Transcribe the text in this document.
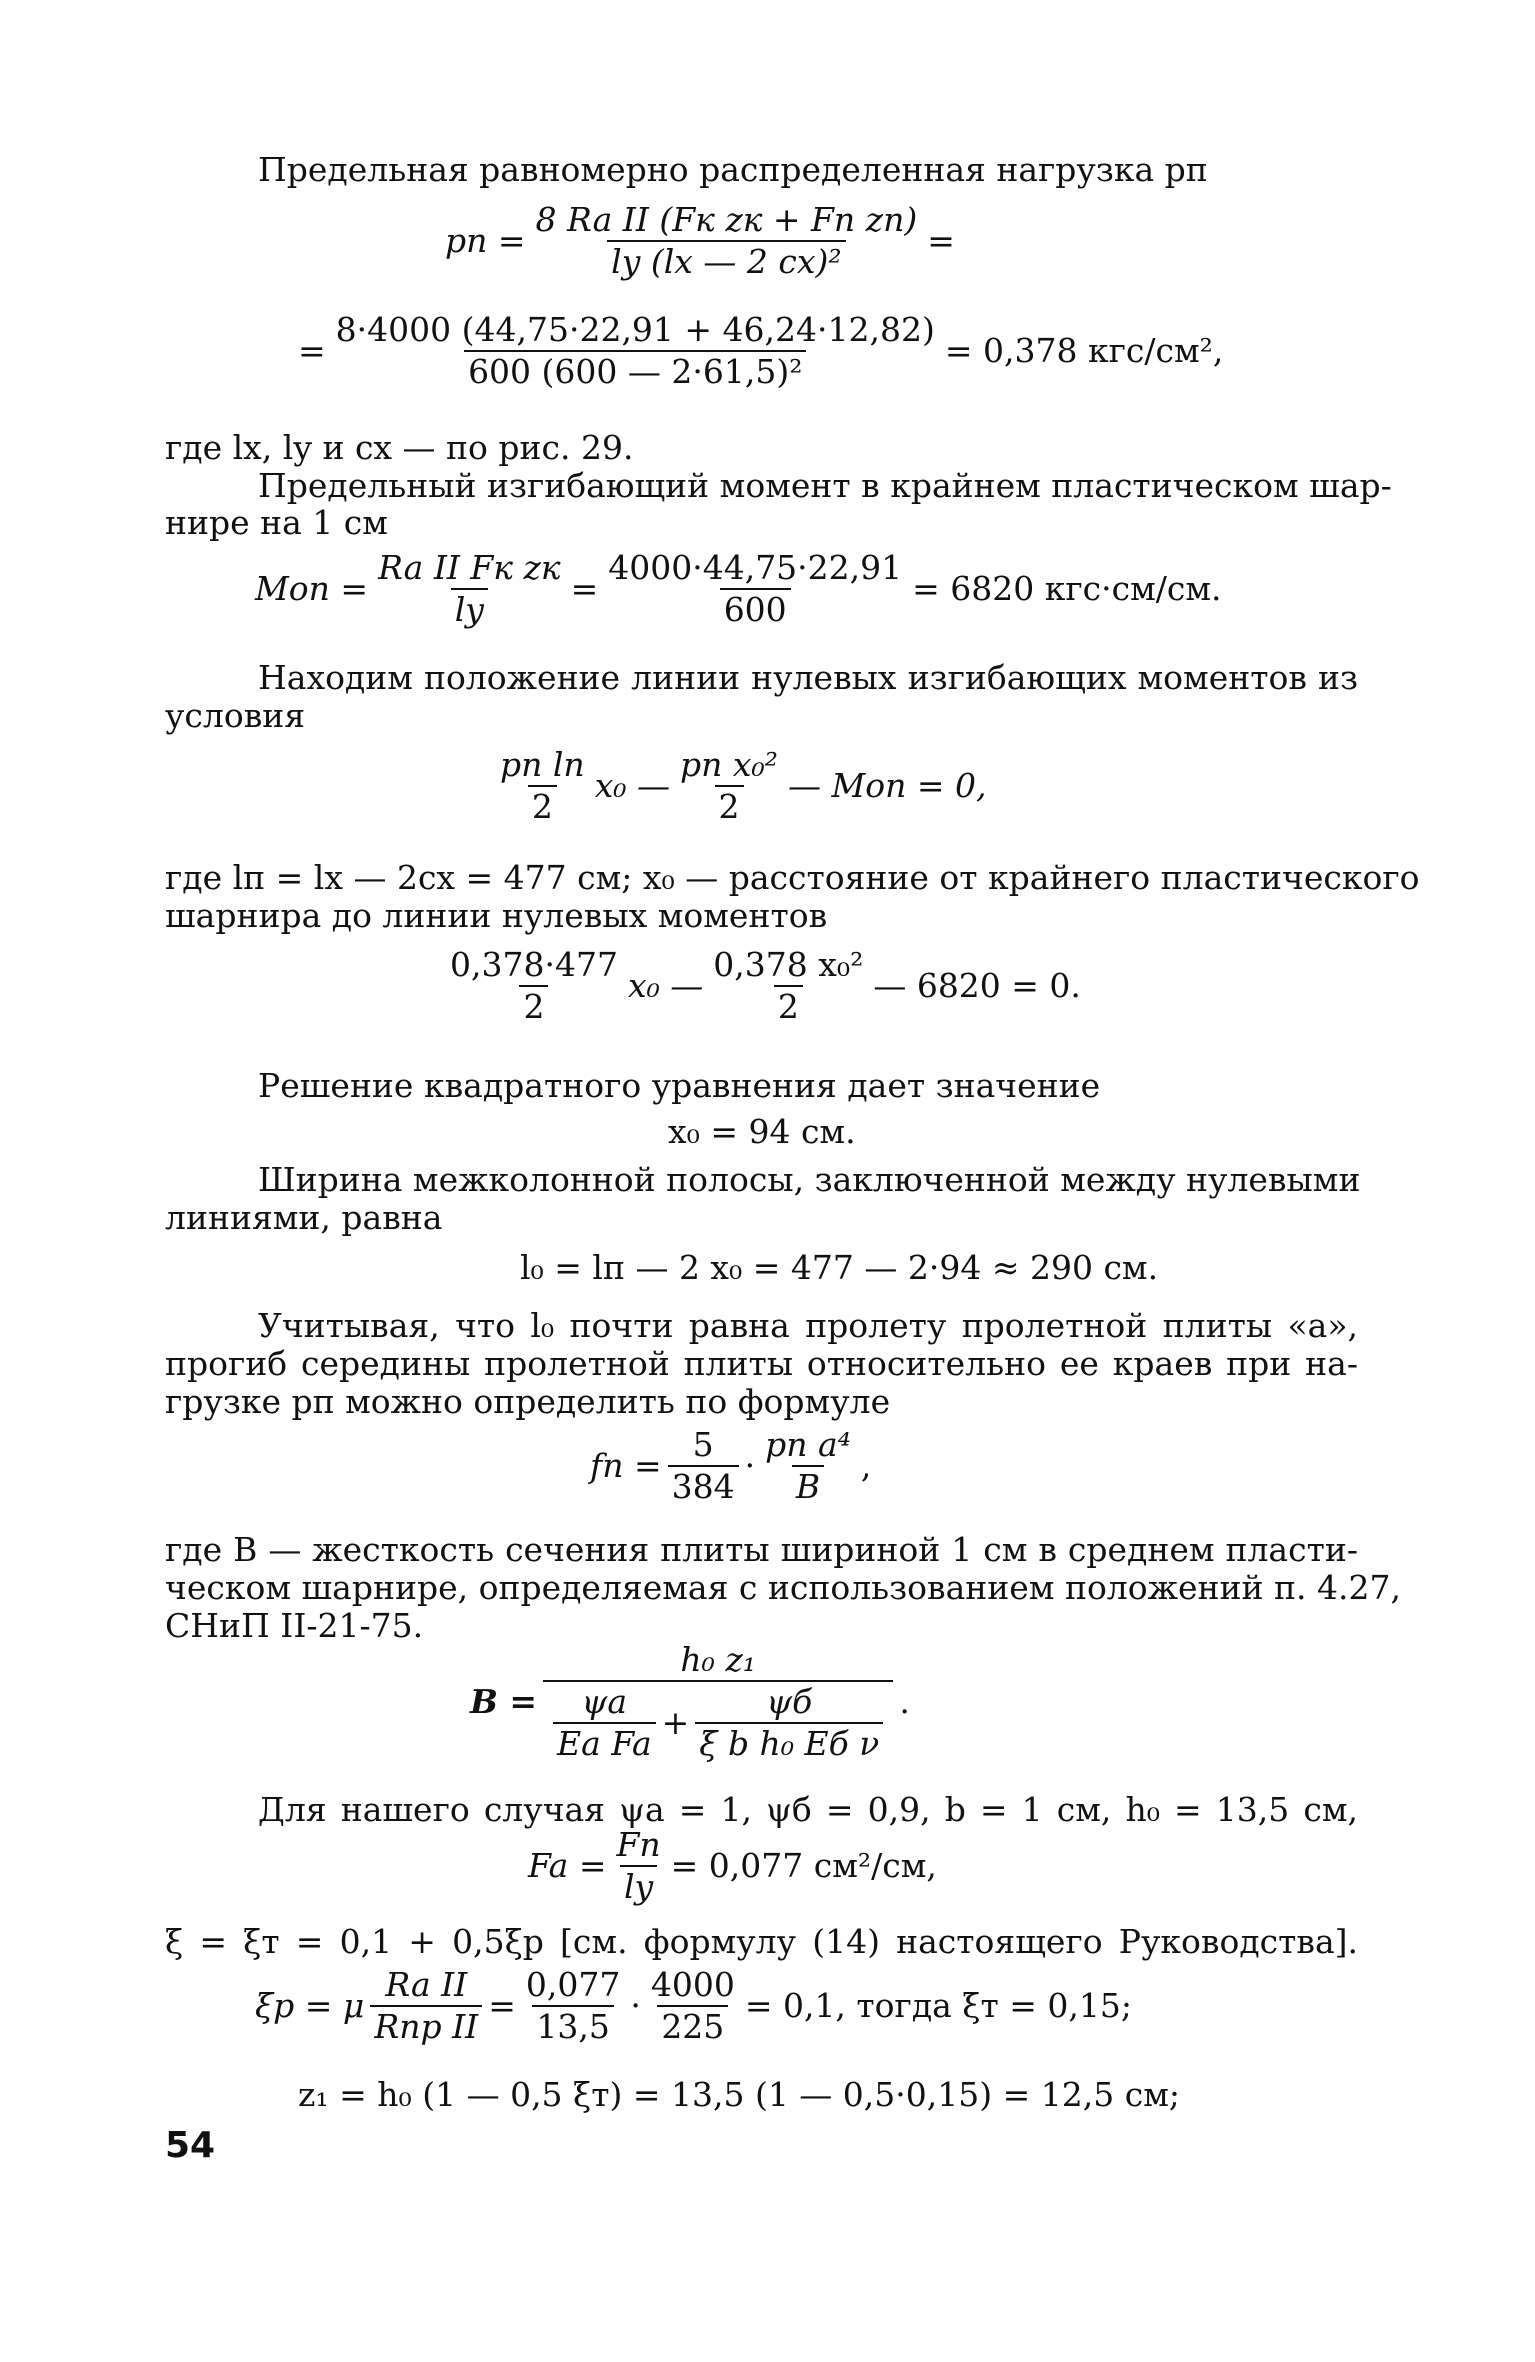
Предельная равномерно распределенная нагрузка pп
pп = $\frac{\text{8 Ra II (Fк zк + Fп zп)}}{\text{ly (lx — 2 cx)²}}$ =
= $\frac{8\cdot 4000 (44,75\cdot 22,91 + 46,24\cdot 12,82)}{\text{600 (600 — 2·61,5)²}} = 0,378$ кгс/см²,
где lx, ly и cx — по рис. 29.
Предельный изгибающий момент в крайнем пластическом шар-
нире на 1 см
Mоп = $\frac{\text{Ra II Fк zк}}{ly} = \frac{4000\cdot 44,75\cdot 22,91}{600} = 6820$ кгс·см/см.
Находим положение линии нулевых изгибающих моментов из
условия
$\frac{\text{pп lп}}{2} x_0$ — $\frac{\text{pп x₀²}}{2}$ — Mоп = 0,
где lп = lx — 2cx = 477 см; x₀ — расстояние от крайнего пластического
шарнира до линии нулевых моментов
$\frac{0,378\cdot 477}{2} x_0$ — $\frac{\text{0,378 x₀²}}{2}$ — 6820 = 0.
Решение квадратного уравнения дает значение
x₀ = 94 см.
Ширина межколонной полосы, заключенной между нулевыми
линиями, равна
l₀ = lп — 2 x₀ = 477 — 2·94 ≈ 290 см.
Учитывая, что l₀ почти равна пролету пролетной плиты «a»,
прогиб середины пролетной плиты относительно ее краев при на-
грузке pп можно определить по формуле
fп = $\frac{5}{384} \cdot \frac{\text{pп a⁴}}{B}$ ,
где B — жесткость сечения плиты шириной 1 см в среднем пласти-
ческом шарнире, определяемая с использованием положений п. 4.27,
СНиП II-21-75.
B =
h₀ z₁
$\frac{\psi a}{\text{Ea Fa}} + \frac{\psi б}{\text{ξ b h₀ Eб ν}}$ .
Для нашего случая ψa = 1, ψб = 0,9, b = 1 см, h₀ = 13,5 см,
$Fa = \frac{Fп}{ly} = 0,077$ см²/см,
ξ = ξт = 0,1 + 0,5ξр [см. формулу (14) настоящего Руководства].
ξр = μ $\frac{\text{Ra II}}{\text{Rпр II}} = \frac{0,077}{13,5} \cdot \frac{4000}{225} = 0,1$, тогда ξт = 0,15;
z₁ = h₀ (1 — 0,5 ξт) = 13,5 (1 — 0,5·0,15) = 12,5 см;
54
